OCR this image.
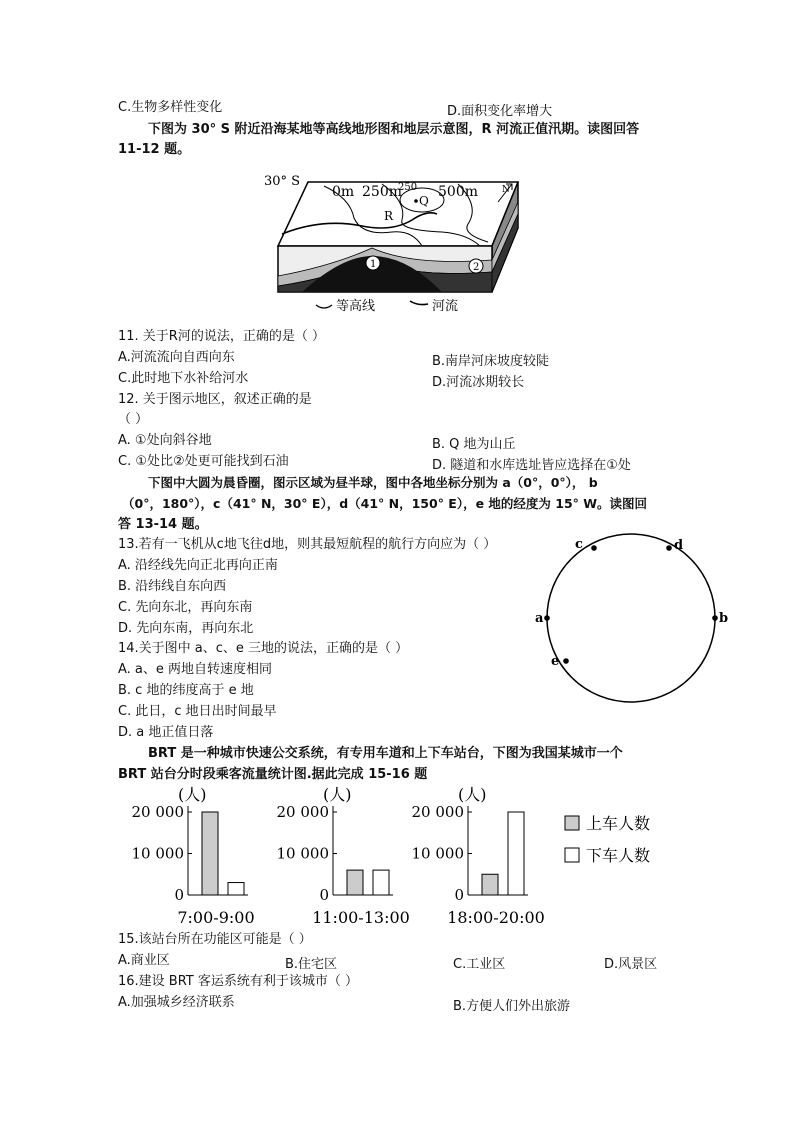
C.生物多样性变化	D.面积变化率增大
下图为 30° S 附近沿海某地等高线地形图和地层示意图，R 河流正值汛期。读图回答
11-12 题。
30° S
1	2
0m 250m
250 500m
Q
R
N
等高线	河流
11. 关于R河的说法，正确的是（ ）
A.河流流向自西向东	B.南岸河床坡度较陡
C.此时地下水补给河水	D.河流冰期较长
12. 关于图示地区，叙述正确的是
（ ）
A. ①处向斜谷地	B. Q 地为山丘
C. ①处比②处更可能找到石油	D. 隧道和水库选址皆应选择在①处
下图中大圆为晨昏圈，图示区域为昼半球，图中各地坐标分别为 a（0°，0°）， b
（0°，180°），c（41° N，30° E），d（41° N，150° E），e 地的经度为 15° W。读图回
答 13-14 题。
a	b
c	d
e
13.若有一飞机从c地飞往d地，则其最短航程的航行方向应为（ ）
A. 沿经线先向正北再向正南
B. 沿纬线自东向西
C. 先向东北，再向东南
D. 先向东南，再向东北
14.关于图中 a、c、e 三地的说法，正确的是（ ）
A. a、e 两地自转速度相同
B. c 地的纬度高于 e 地
C. 此日，c 地日出时间最早
D. a 地正值日落
BRT 是一种城市快速公交系统，有专用车道和上下车站台，下图为我国某城市一个
BRT 站台分时段乘客流量统计图.据此完成 15-16 题
(人)
20 000
10 000
0
7:00-9:00
(人)
20 000
10 000
0
11:00-13:00
(人)
20 000
10 000
0
18:00-20:00
上车人数
下车人数
15.该站台所在功能区可能是（ ）
A.商业区	B.住宅区	C.工业区	D.风景区
16.建设 BRT 客运系统有利于该城市（ ）
A.加强城乡经济联系	B.方便人们外出旅游
